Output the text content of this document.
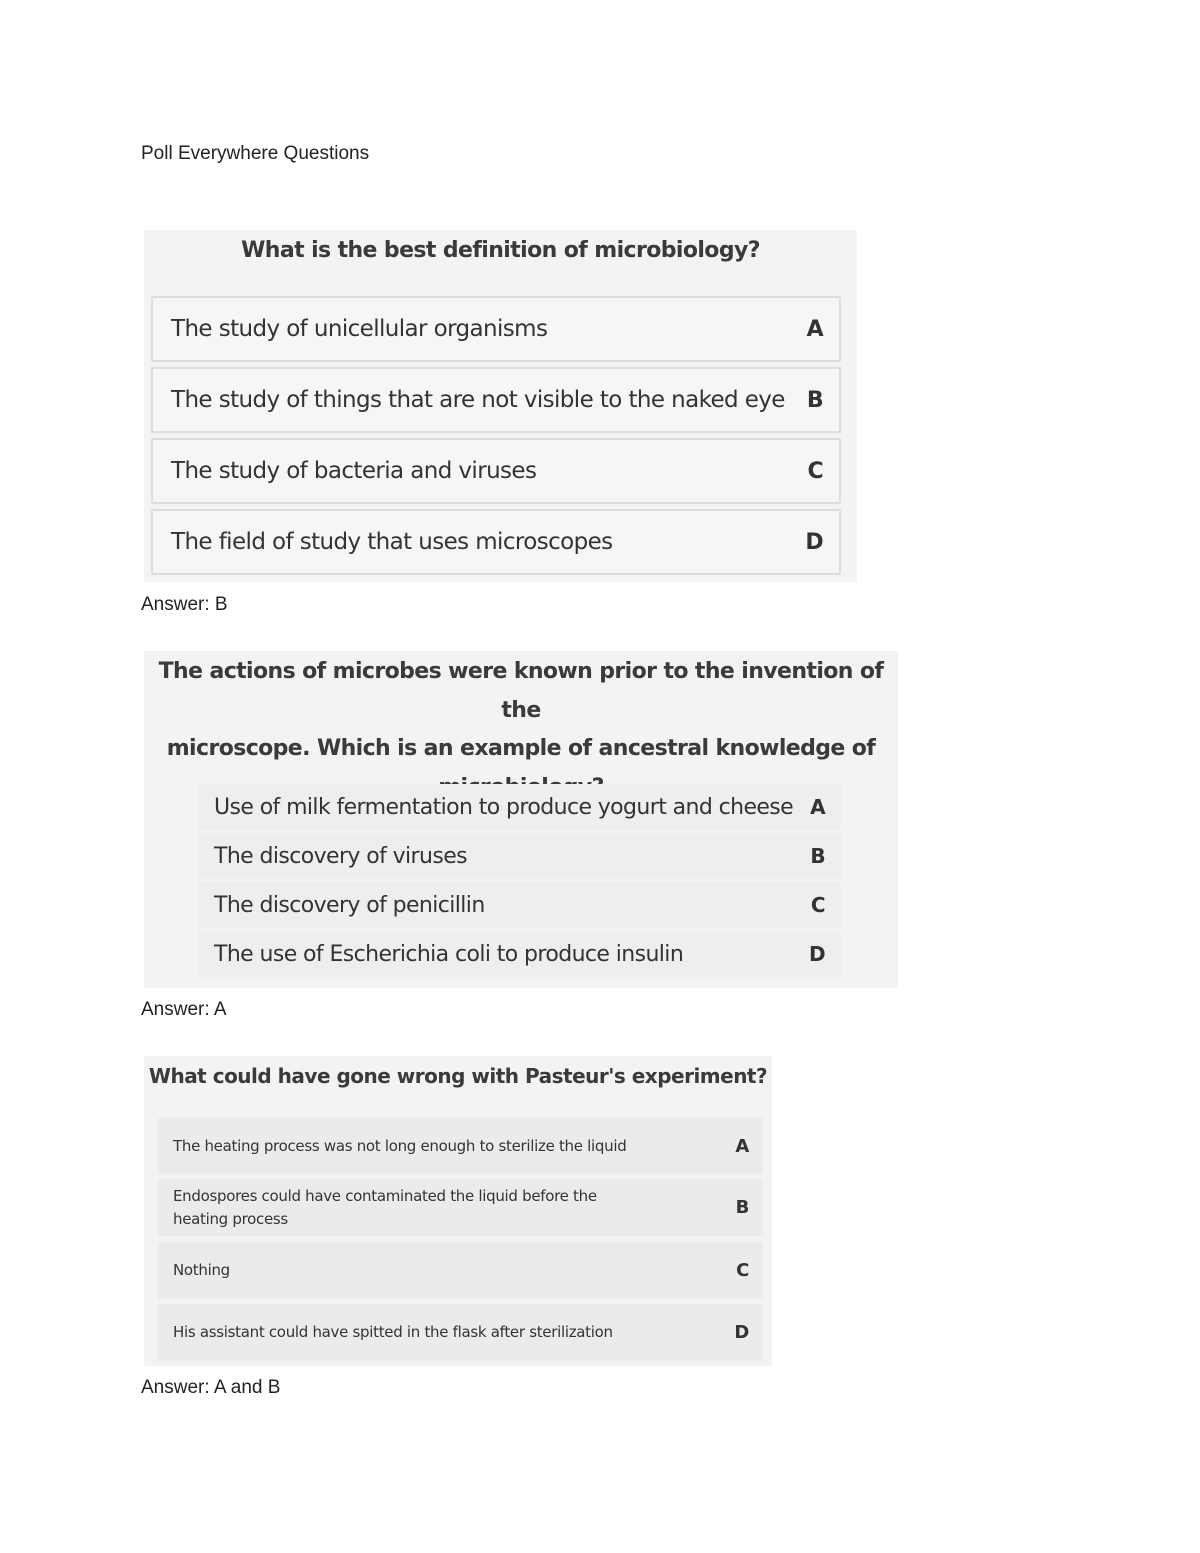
Poll Everywhere Questions
What is the best definition of microbiology?
The study of unicellular organisms	A
The study of things that are not visible to the naked eye B
The study of bacteria and viruses	C
The field of study that uses microscopes	D
Answer: B
The actions of microbes were known prior to the invention of the
microscope. Which is an example of ancestral knowledge of
Use of milk fermentation to produce yogurt and cheese A
The discovery of viruses	B
The discovery of penicillin	C
The use of Escherichia coli to produce insulin	D
Answer: A
What could have gone wrong with Pasteur's experiment?
The heating process was not long enough to sterilize the liquid	A
Endospores could have contaminated the liquid before the heating process
B
Nothing	C
His assistant could have spitted in the flask after sterilization	D
Answer: A and B
